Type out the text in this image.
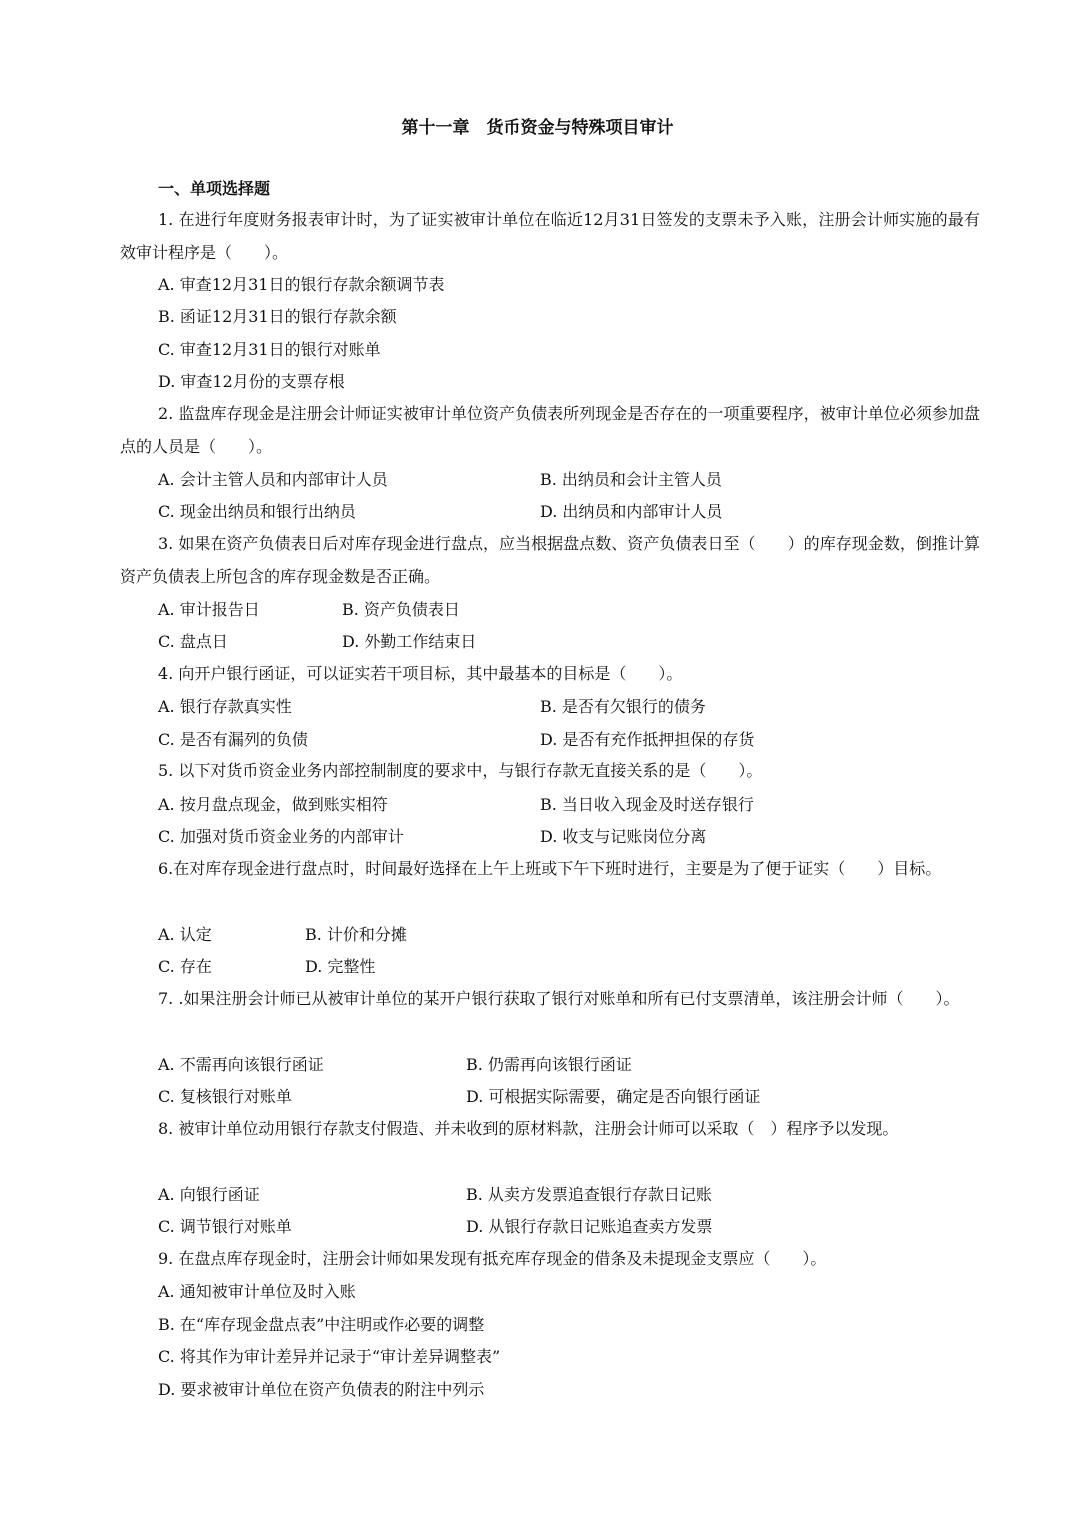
第十一章　货币资金与特殊项目审计
一、单项选择题
1. 在进行年度财务报表审计时，为了证实被审计单位在临近12月31日签发的支票未予入账，注册会计师实施的最有效审计程序是（　　）。
A. 审查12月31日的银行存款余额调节表
B. 函证12月31日的银行存款余额
C. 审查12月31日的银行对账单
D. 审查12月份的支票存根
2. 监盘库存现金是注册会计师证实被审计单位资产负债表所列现金是否存在的一项重要程序，被审计单位必须参加盘点的人员是（　　）。
A. 会计主管人员和内部审计人员	B. 出纳员和会计主管人员
C. 现金出纳员和银行出纳员	D. 出纳员和内部审计人员
3. 如果在资产负债表日后对库存现金进行盘点，应当根据盘点数、资产负债表日至（　　）的库存现金数，倒推计算资产负债表上所包含的库存现金数是否正确。
A. 审计报告日	B. 资产负债表日
C. 盘点日	D. 外勤工作结束日
4. 向开户银行函证，可以证实若干项目标，其中最基本的目标是（　　）。
A. 银行存款真实性	B. 是否有欠银行的债务
C. 是否有漏列的负债	D. 是否有充作抵押担保的存货
5. 以下对货币资金业务内部控制制度的要求中，与银行存款无直接关系的是（　　）。
A. 按月盘点现金，做到账实相符	B. 当日收入现金及时送存银行
C. 加强对货币资金业务的内部审计	D. 收支与记账岗位分离
6.在对库存现金进行盘点时，时间最好选择在上午上班或下午下班时进行，主要是为了便于证实（　　）目标。
A. 认定	B. 计价和分摊
C. 存在	D. 完整性
7. .如果注册会计师已从被审计单位的某开户银行获取了银行对账单和所有已付支票清单，该注册会计师（　　）。
A. 不需再向该银行函证	B. 仍需再向该银行函证
C. 复核银行对账单	D. 可根据实际需要，确定是否向银行函证
8. 被审计单位动用银行存款支付假造、并未收到的原材料款，注册会计师可以采取（　）程序予以发现。
A. 向银行函证	B. 从卖方发票追查银行存款日记账
C. 调节银行对账单	D. 从银行存款日记账追查卖方发票
9. 在盘点库存现金时，注册会计师如果发现有抵充库存现金的借条及未提现金支票应（　　）。
A. 通知被审计单位及时入账
B. 在“库存现金盘点表”中注明或作必要的调整
C. 将其作为审计差异并记录于“审计差异调整表”
D. 要求被审计单位在资产负债表的附注中列示
